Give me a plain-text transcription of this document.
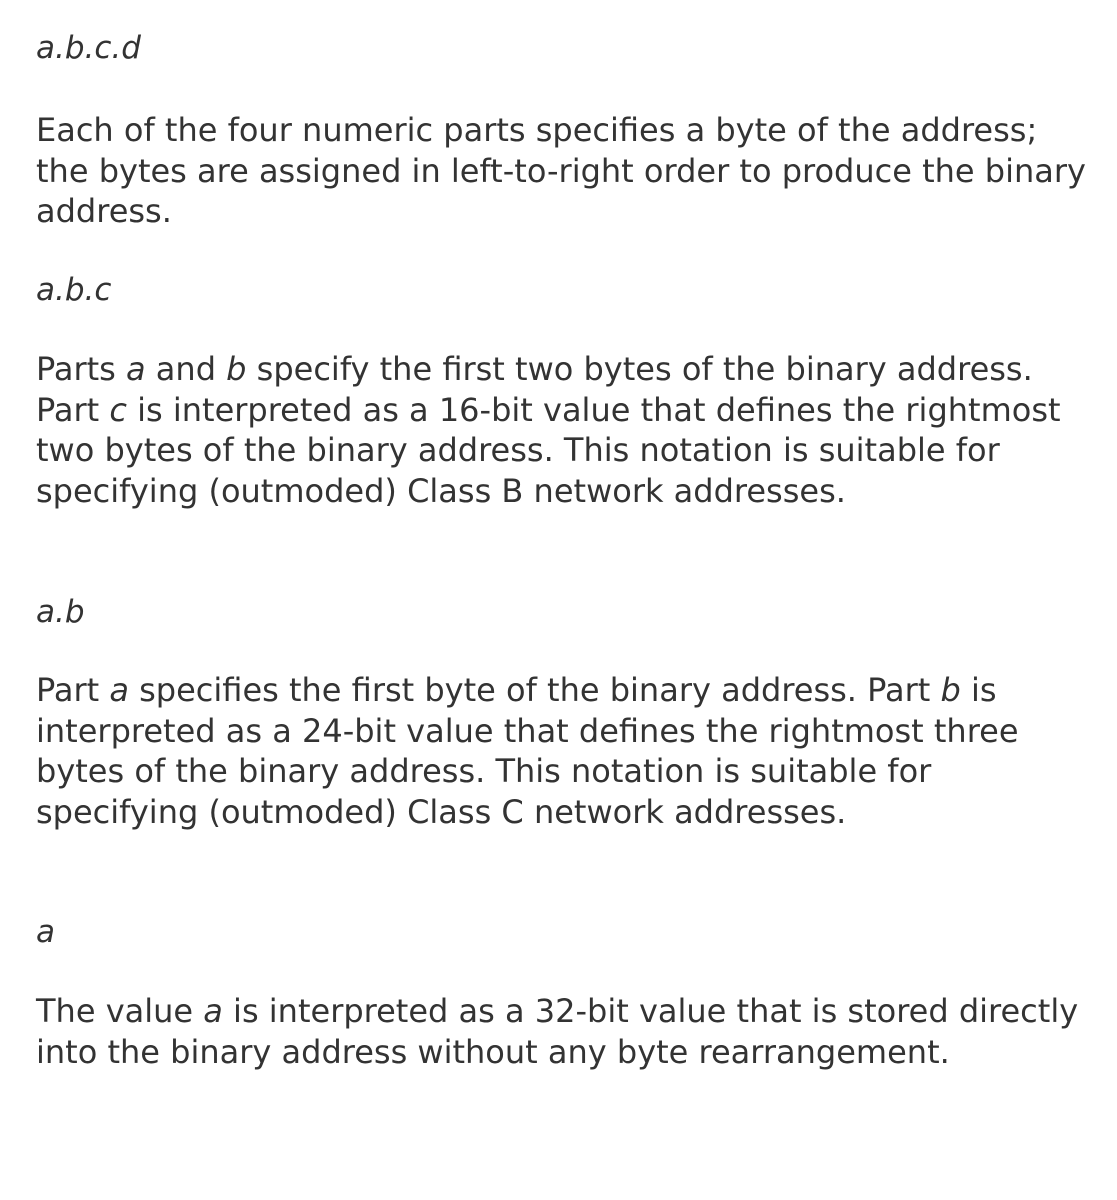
a.b.c.d

Each of the four numeric parts specifies a byte of the address; the bytes are assigned in left-to-right order to produce the binary address.

a.b.c

Parts a and b specify the first two bytes of the binary address. Part c is interpreted as a 16-bit value that defines the rightmost two bytes of the binary address. This notation is suitable for specifying (outmoded) Class B network addresses.

a.b

Part a specifies the first byte of the binary address. Part b is interpreted as a 24-bit value that defines the rightmost three bytes of the binary address. This notation is suitable for specifying (outmoded) Class C network addresses.

a

The value a is interpreted as a 32-bit value that is stored directly into the binary address without any byte rearrangement.
